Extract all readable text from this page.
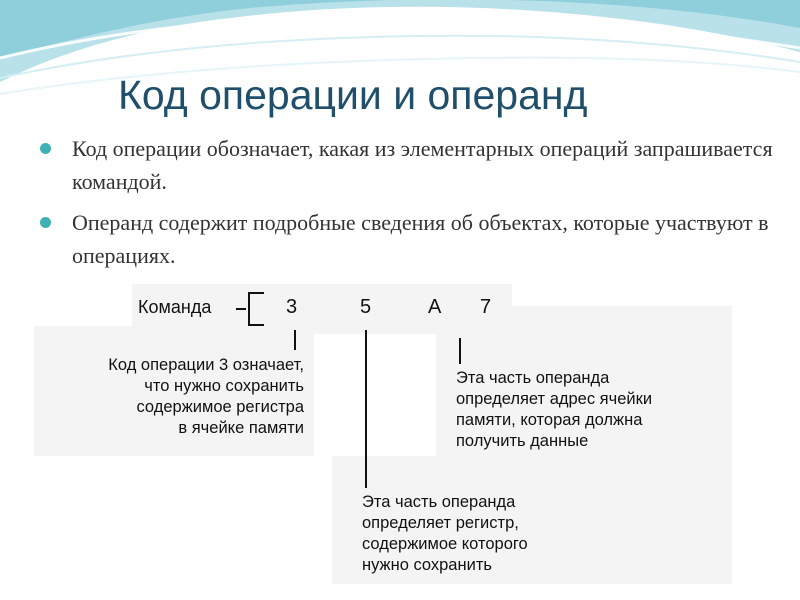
Код операции и операнд
Код операции обозначает, какая из элементарных операций запрашивается командой.
Операнд содержит подробные сведения об объектах, которые участвуют в операциях.
Команда	3	5	A 7
Код операции 3 означает,
что нужно сохранить
содержимое регистра
в ячейке памяти
Эта часть операнда
определяет адрес ячейки
памяти, которая должна
получить данные
Эта часть операнда
определяет регистр,
содержимое которого
нужно сохранить
